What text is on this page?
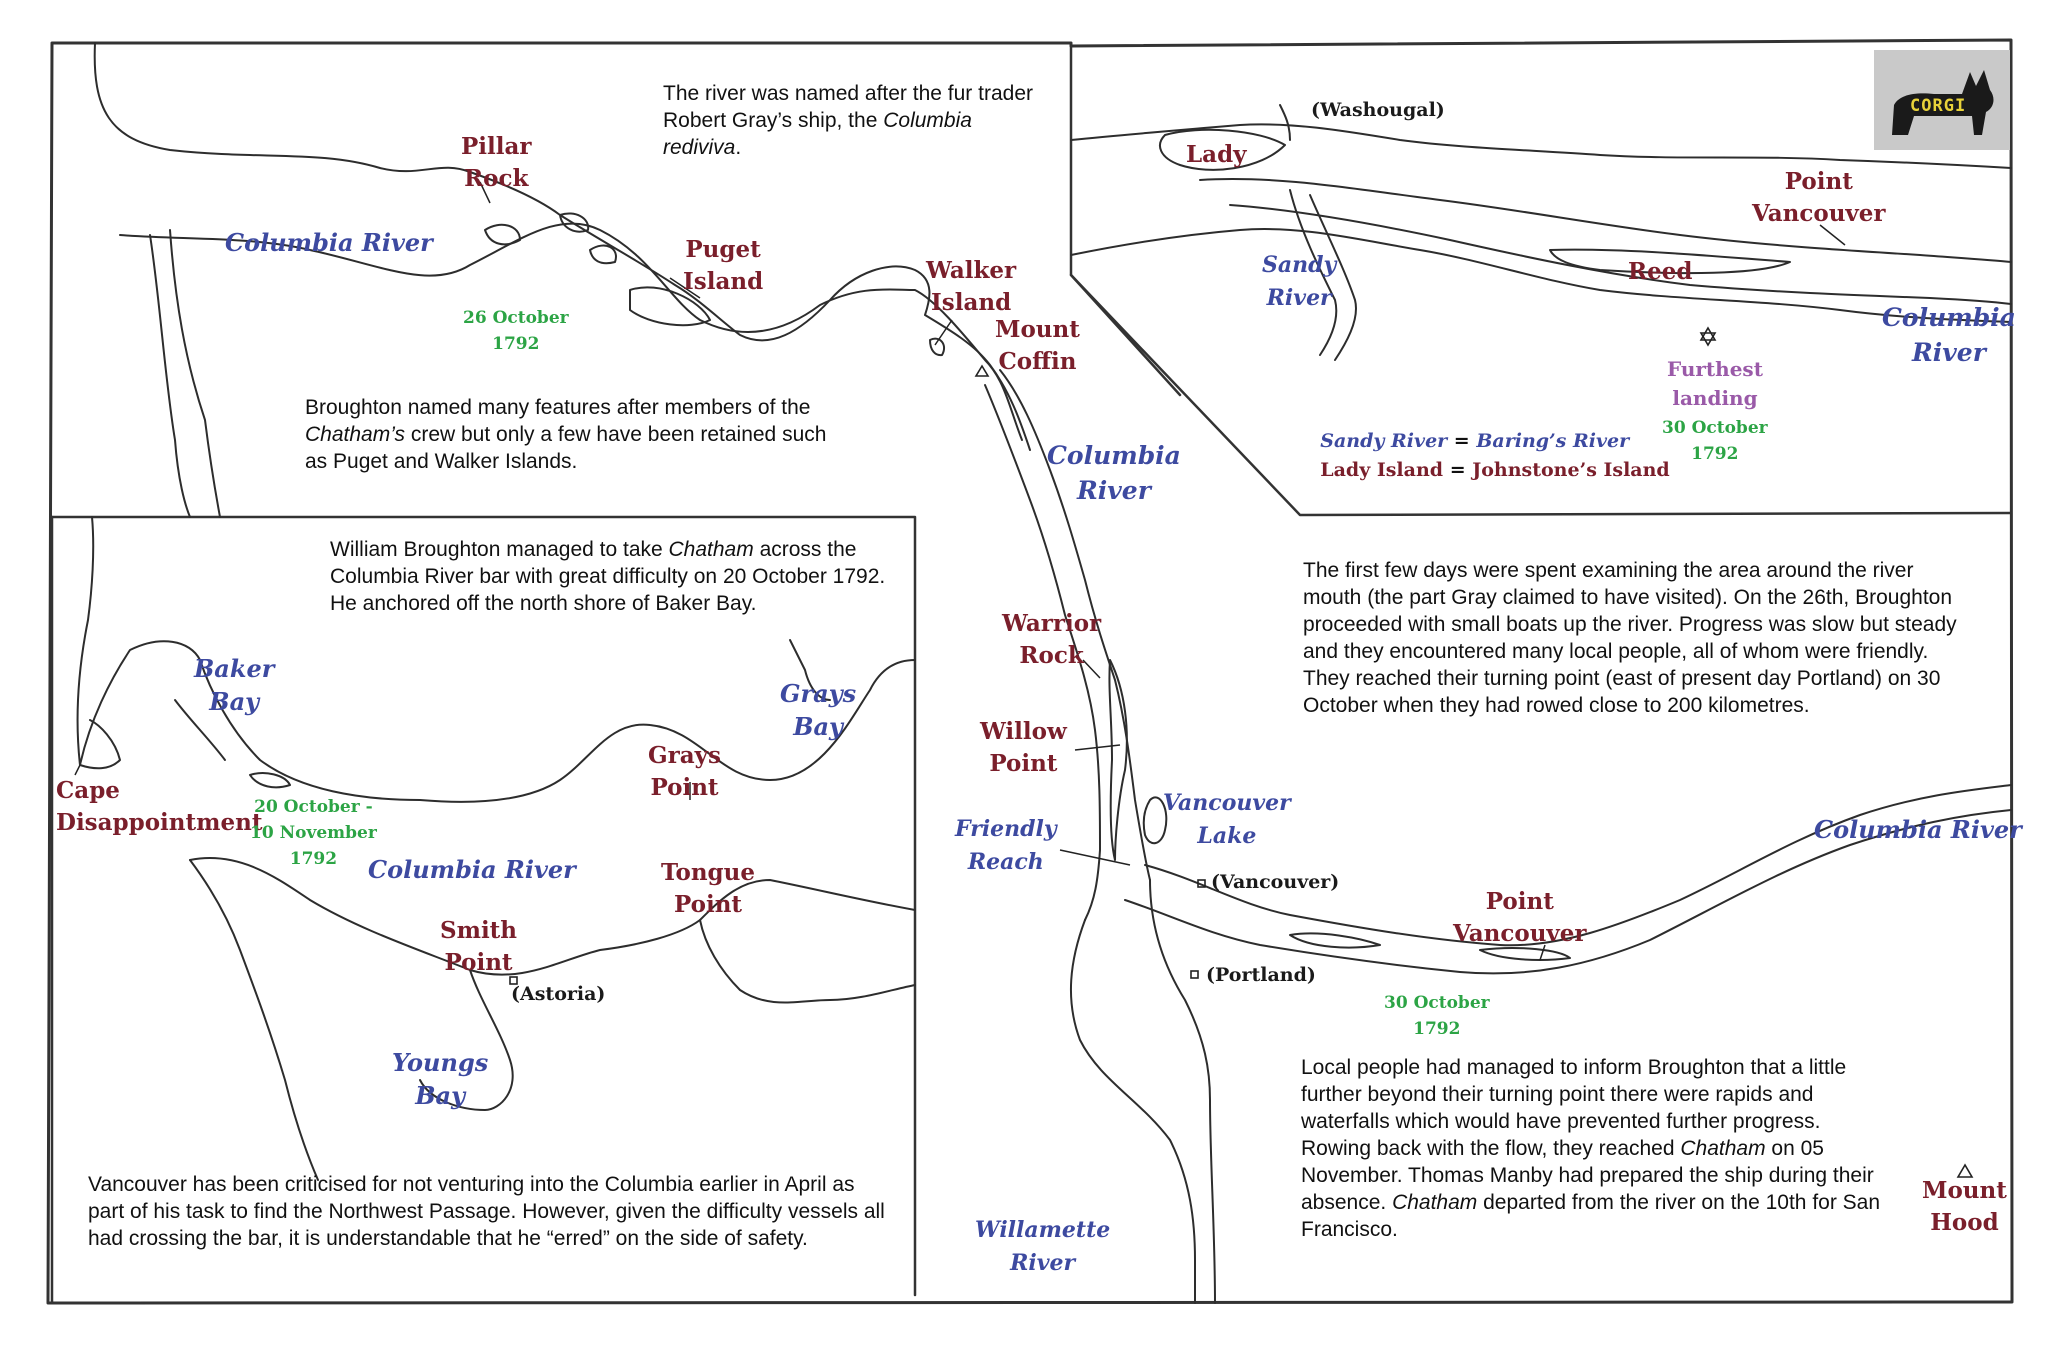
CORGI
The river was named after the fur trader Robert Gray’s ship, the Columbia rediviva.
Broughton named many features after members of the Chatham’s crew but only a few have been retained such as Puget and Walker Islands.
Columbia River
Pillar
Rock
Puget
Island	Walker
Island
Mount
Coffin
26 October
1792
(Washougal)
Lady
Sandy
River
Point
Vancouver
Reed
Columbia
River
Furthest
landing
30 October
1792

Sandy River = Baring’s River

Lady Island = Johnstone’s Island

William Broughton managed to take Chatham across the Columbia River bar with great difficulty on 20 October 1792. He anchored off the north shore of Baker Bay.
Vancouver has been criticised for not venturing into the Columbia earlier in April as part of his task to find the Northwest Passage. However, given the difficulty vessels all had crossing the bar, it is understandable that he “erred” on the side of safety.
Baker
Bay	Grays
Bay
Cape
Disappointment
Grays
Point
20 October -
10 November
1792	Columbia River	Tongue
Point
Smith
Point
(Astoria)
Youngs
Bay
The first few days were spent examining the area around the river mouth (the part Gray claimed to have visited). On the 26th, Broughton proceeded with small boats up the river. Progress was slow but steady and they encountered many local people, all of whom were friendly. They reached their turning point (east of present day Portland) on 30 October when they had rowed close to 200 kilometres.
Local people had managed to inform Broughton that a little further beyond their turning point there were rapids and waterfalls which would have prevented further progress. Rowing back with the flow, they reached Chatham on 05 November. Thomas Manby had prepared the ship during their absence. Chatham departed from the river on the 10th for San Francisco.
Columbia
River
Warrior
Rock
Willow
Point
Vancouver
Lake
Friendly
Reach
(Vancouver)
(Portland)
Columbia River
Point
Vancouver
30 October
1792
Willamette
River
Mount
Hood
